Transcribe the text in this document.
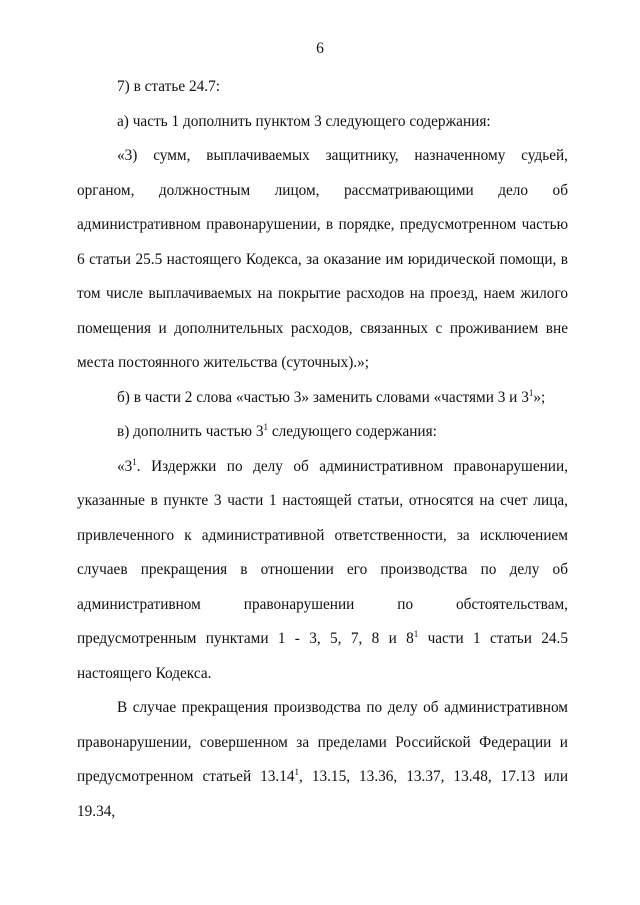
6

7) в статье 24.7:

а) часть 1 дополнить пунктом 3 следующего содержания:

«3) сумм, выплачиваемых защитнику, назначенному судьей, органом, должностным лицом, рассматривающими дело об административном правонарушении, в порядке, предусмотренном частью 6 статьи 25.5 настоящего Кодекса, за оказание им юридической помощи, в том числе выплачиваемых на покрытие расходов на проезд, наем жилого помещения и дополнительных расходов, связанных с проживанием вне места постоянного жительства (суточных).»;

б) в части 2 слова «частью 3» заменить словами «частями 3 и $3^1$»;

в) дополнить частью $3^1$ следующего содержания:

«$3^1$. Издержки по делу об административном правонарушении, указанные в пункте 3 части 1 настоящей статьи, относятся на счет лица, привлеченного к административной ответственности, за исключением случаев прекращения в отношении его производства по делу об административном правонарушении по обстоятельствам, предусмотренным пунктами 1 - 3, 5, 7, 8 и $8^1$ части 1 статьи 24.5 настоящего Кодекса.

В случае прекращения производства по делу об административном правонарушении, совершенном за пределами Российской Федерации и предусмотренном статьей 13.14$^1$, 13.15, 13.36, 13.37, 13.48, 17.13 или 19.34,
